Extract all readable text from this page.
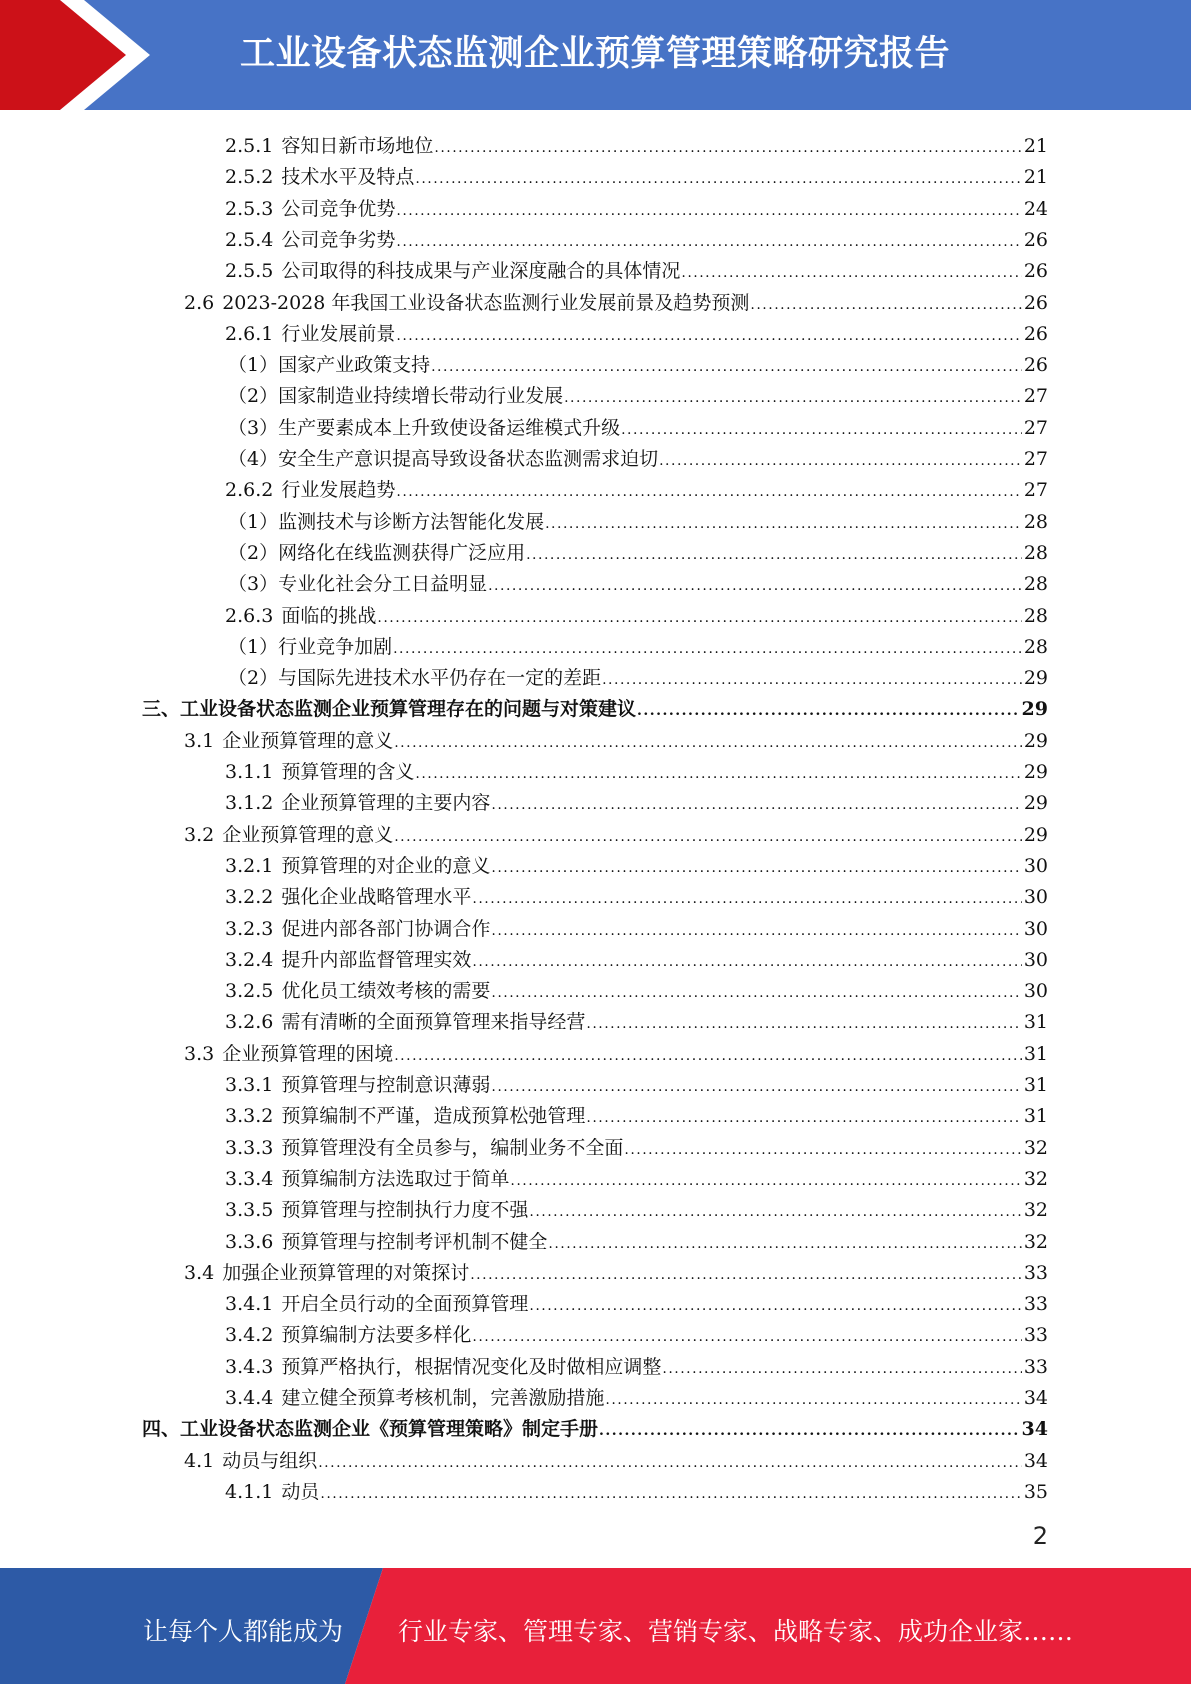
工业设备状态监测企业预算管理策略研究报告
2.5.1 容知日新市场地位 .....	21
2.5.2 技术水平及特点 .....	21
2.5.3 公司竞争优势 .....	24
2.5.4 公司竞争劣势 .....	26
2.5.5 公司取得的科技成果与产业深度融合的具体情况 .....	26
2.6 2023-2028 年我国工业设备状态监测行业发展前景及趋势预测 .....	26
2.6.1 行业发展前景 .....	26
（1） 国家产业政策支持 .....	26
（2） 国家制造业持续增长带动行业发展 .....	27
（3） 生产要素成本上升致使设备运维模式升级 .....	27
（4） 安全生产意识提高导致设备状态监测需求迫切 .....	27
2.6.2 行业发展趋势 .....	27
（1） 监测技术与诊断方法智能化发展 .....	28
（2） 网络化在线监测获得广泛应用 .....	28
（3） 专业化社会分工日益明显 .....	28
2.6.3 面临的挑战 .....	28
（1） 行业竞争加剧 .....	28
（2） 与国际先进技术水平仍存在一定的差距 .....	29
三、 工业设备状态监测企业预算管理存在的问题与对策建议 .....	29
3.1 企业预算管理的意义 .....	29
3.1.1 预算管理的含义 .....	29
3.1.2 企业预算管理的主要内容 .....	29
3.2 企业预算管理的意义 .....	29
3.2.1 预算管理的对企业的意义 .....	30
3.2.2 强化企业战略管理水平 .....	30
3.2.3 促进内部各部门协调合作 .....	30
3.2.4 提升内部监督管理实效 .....	30
3.2.5 优化员工绩效考核的需要 .....	30
3.2.6 需有清晰的全面预算管理来指导经营 .....	31
3.3 企业预算管理的困境 .....	31
3.3.1 预算管理与控制意识薄弱 .....	31
3.3.2 预算编制不严谨，造成预算松弛管理 .....	31
3.3.3 预算管理没有全员参与，编制业务不全面 .....	32
3.3.4 预算编制方法选取过于简单 .....	32
3.3.5 预算管理与控制执行力度不强 .....	32
3.3.6 预算管理与控制考评机制不健全 .....	32
3.4 加强企业预算管理的对策探讨 .....	33
3.4.1 开启全员行动的全面预算管理 .....	33
3.4.2 预算编制方法要多样化 .....	33
3.4.3 预算严格执行，根据情况变化及时做相应调整 .....	33
3.4.4 建立健全预算考核机制，完善激励措施 .....	34
四、 工业设备状态监测企业《预算管理策略》制定手册 .....	34
4.1 动员与组织 .....	34
4.1.1 动员 .....	35
2
让每个人都能成为 行业专家、管理专家、营销专家、战略专家、成功企业家……
